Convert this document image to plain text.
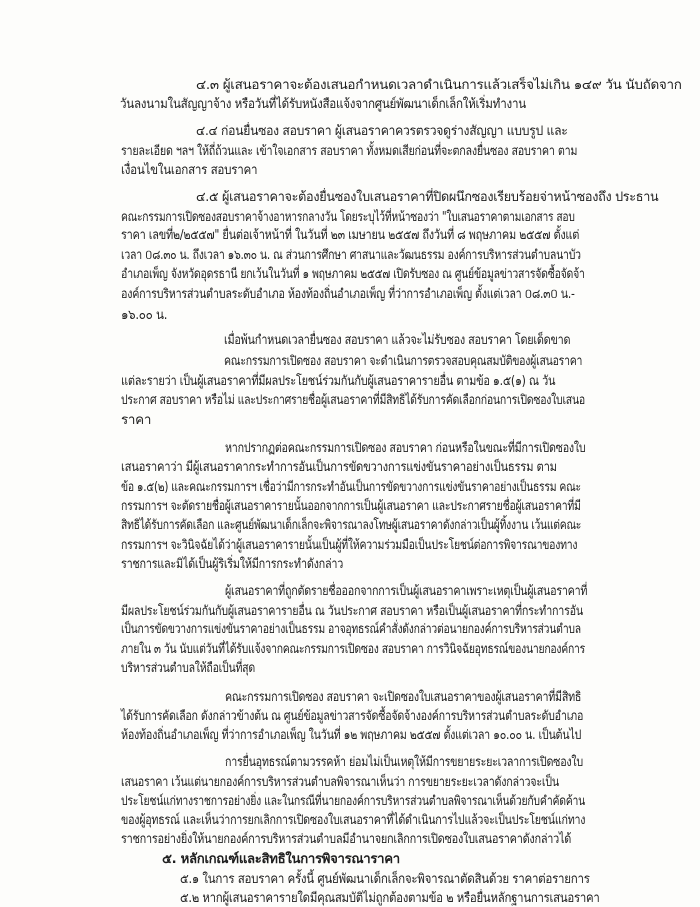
๔.๓ ผู้เสนอราคาจะต้องเสนอกำหนดเวลาดำเนินการแล้วเสร็จไม่เกิน ๑๔๙ วัน นับถัดจาก
วันลงนามในสัญญาจ้าง หรือวันที่ได้รับหนังสือแจ้งจากศูนย์พัฒนาเด็กเล็กให้เริ่มทำงาน
๔.๔ ก่อนยื่นซอง สอบราคา ผู้เสนอราคาควรตรวจดูร่างสัญญา แบบรูป และ
รายละเอียด ฯลฯ ให้ถี่ถ้วนและ เข้าใจเอกสาร สอบราคา ทั้งหมดเสียก่อนที่จะตกลงยื่นซอง สอบราคา ตาม
เงื่อนไขในเอกสาร สอบราคา
๔.๕ ผู้เสนอราคาจะต้องยื่นซองใบเสนอราคาที่ปิดผนึกซองเรียบร้อยจ่าหน้าซองถึง ประธาน
คณะกรรมการเปิดซองสอบราคาจ้างอาหารกลางวัน โดยระบุไว้ที่หน้าซองว่า "ใบเสนอราคาตามเอกสาร สอบ
ราคา เลขที่๒/๒๕๕๗" ยื่นต่อเจ้าหน้าที่ ในวันที่ ๒๓ เมษายน ๒๕๕๗ ถึงวันที่ ๘ พฤษภาคม ๒๕๕๗ ตั้งแต่
เวลา ០๘.๓๐ น. ถึงเวลา ๑๖.๓๐ น. ณ ส่วนการศึกษา ศาสนาและวัฒนธรรม องค์การบริหารส่วนตำบลนาบัว
อำเภอเพ็ญ จังหวัดอุดรธานี ยกเว้นในวันที่ ๑ พฤษภาคม ๒๕๕๗ เปิดรับซอง ณ ศูนย์ข้อมูลข่าวสารจัดซื้อจัดจ้า
องค์การบริหารส่วนตำบลระดับอำเภอ ห้องท้องถิ่นอำเภอเพ็ญ ที่ว่าการอำเภอเพ็ญ ตั้งแต่เวลา ០๘.๓០ น.-
๑๖.๐๐ น.
เมื่อพ้นกำหนดเวลายื่นซอง สอบราคา แล้วจะไม่รับซอง สอบราคา โดยเด็ดขาด
คณะกรรมการเปิดซอง สอบราคา จะดำเนินการตรวจสอบคุณสมบัติของผู้เสนอราคา
แต่ละรายว่า เป็นผู้เสนอราคาที่มีผลประโยชน์ร่วมกันกับผู้เสนอราคารายอื่น ตามข้อ ๑.๕(๑) ณ วัน
ประกาศ สอบราคา หรือไม่ และประกาศรายชื่อผู้เสนอราคาที่มีสิทธิได้รับการคัดเลือกก่อนการเปิดซองใบเสนอ
ราคา
หากปรากฏต่อคณะกรรมการเปิดซอง สอบราคา ก่อนหรือในขณะที่มีการเปิดซองใบ
เสนอราคาว่า มีผู้เสนอราคากระทำการอันเป็นการขัดขวางการแข่งขันราคาอย่างเป็นธรรม ตาม
ข้อ ๑.๕(๒) และคณะกรรมการฯ เชื่อว่ามีการกระทำอันเป็นการขัดขวางการแข่งขันราคาอย่างเป็นธรรม คณะ
กรรมการฯ จะตัดรายชื่อผู้เสนอราคารายนั้นออกจากการเป็นผู้เสนอราคา และประกาศรายชื่อผู้เสนอราคาที่มี
สิทธิได้รับการคัดเลือก และศูนย์พัฒนาเด็กเล็กจะพิจารณาลงโทษผู้เสนอราคาดังกล่าวเป็นผู้ทิ้งงาน เว้นแต่คณะ
กรรมการฯ จะวินิจฉัยได้ว่าผู้เสนอราคารายนั้นเป็นผู้ที่ให้ความร่วมมือเป็นประโยชน์ต่อการพิจารณาของทาง
ราชการและมิได้เป็นผู้ริเริ่มให้มีการกระทำดังกล่าว
ผู้เสนอราคาที่ถูกตัดรายชื่อออกจากการเป็นผู้เสนอราคาเพราะเหตุเป็นผู้เสนอราคาที่
มีผลประโยชน์ร่วมกันกับผู้เสนอราคารายอื่น ณ วันประกาศ สอบราคา หรือเป็นผู้เสนอราคาที่กระทำการอัน
เป็นการขัดขวางการแข่งขันราคาอย่างเป็นธรรม อาจอุทธรณ์คำสั่งดังกล่าวต่อนายกองค์การบริหารส่วนตำบล
ภายใน ๓ วัน นับแต่วันที่ได้รับแจ้งจากคณะกรรมการเปิดซอง สอบราคา การวินิจฉัยอุทธรณ์ของนายกองค์การ
บริหารส่วนตำบลให้ถือเป็นที่สุด
คณะกรรมการเปิดซอง สอบราคา จะเปิดซองใบเสนอราคาของผู้เสนอราคาที่มีสิทธิ
ได้รับการคัดเลือก ดังกล่าวข้างต้น ณ ศูนย์ข้อมูลข่าวสารจัดซื้อจัดจ้างองค์การบริหารส่วนตำบลระดับอำเภอ
ห้องท้องถิ่นอำเภอเพ็ญ ที่ว่าการอำเภอเพ็ญ ในวันที่ ๑๒ พฤษภาคม ๒๕๕๗ ตั้งแต่เวลา ๑๐.๐๐ น. เป็นต้นไป
การยื่นอุทธรณ์ตามวรรคห้า ย่อมไม่เป็นเหตุให้มีการขยายระยะเวลาการเปิดซองใบ
เสนอราคา เว้นแต่นายกองค์การบริหารส่วนตำบลพิจารณาเห็นว่า การขยายระยะเวลาดังกล่าวจะเป็น
ประโยชน์แก่ทางราชการอย่างยิ่ง และในกรณีที่นายกองค์การบริหารส่วนตำบลพิจารณาเห็นด้วยกับคำคัดค้าน
ของผู้อุทธรณ์ และเห็นว่าการยกเลิกการเปิดซองใบเสนอราคาที่ได้ดำเนินการไปแล้วจะเป็นประโยชน์แก่ทาง
ราชการอย่างยิ่งให้นายกองค์การบริหารส่วนตำบลมีอำนาจยกเลิกการเปิดซองใบเสนอราคาดังกล่าวได้
๕. หลักเกณฑ์และสิทธิในการพิจารณาราคา
๕.๑ ในการ สอบราคา ครั้งนี้ ศูนย์พัฒนาเด็กเล็กจะพิจารณาตัดสินด้วย ราคาต่อรายการ
๕.๒ หากผู้เสนอราคารายใดมีคุณสมบัติไม่ถูกต้องตามข้อ ๒ หรือยื่นหลักฐานการเสนอราคา
